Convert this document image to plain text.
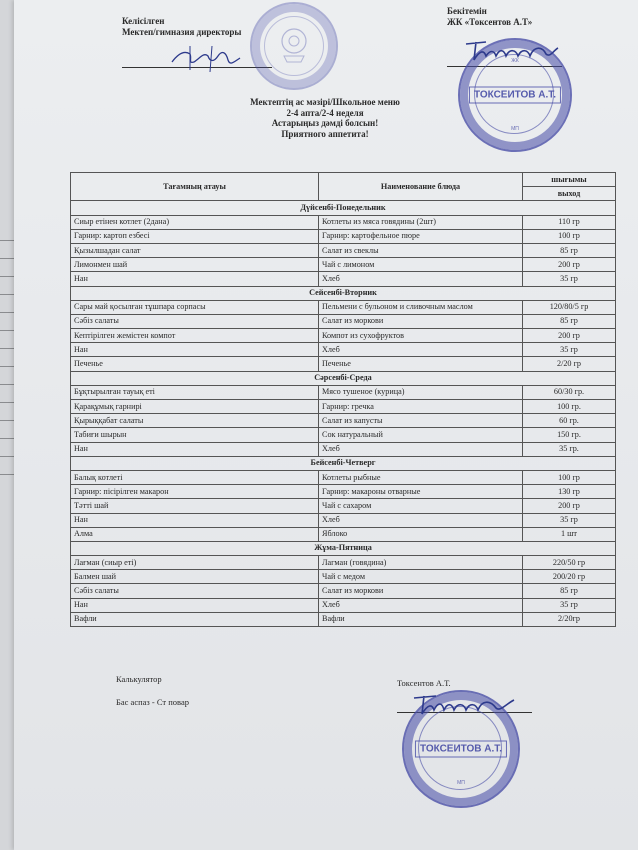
Келісілген
Мектеп/гимназия директоры
Бекітемін
ЖК «Токсентов А.Т»
ТОКСЕИТОВ А.Т.
ЖК
МП
Мектептің ас мәзірі/Школьное меню
2-4 апта/2-4 неделя
Астарыңыз дәмді болсын!
Приятного аппетита!
Тағамның атауы	Наименование блюда	шығымы
		выход
Дүйсенбі-Понедельник		
Сиыр етінен котлет (2дана)	Котлеты из мяса говядины (2шт)	110 гр
Гарнир: картоп езбесі	Гарнир: картофельное пюре	100 гр
Қызылшадан салат	Салат из свеклы	85 гр
Лимонмен шай	Чай с лимоном	200 гр
Нан	Хлеб	35 гр
Сейсенбі-Вторник		
Сары май қосылған тұшпара сорпасы	Пельмени с бульоном и сливочным маслом	120/80/5 гр
Сәбіз салаты	Салат из моркови	85 гр
Кептірілген жемістен компот	Компот из сухофруктов	200 гр
Нан	Хлеб	35 гр
Печенье	Печенье	2/20 гр
Сәрсенбі-Среда		
Бұқтырылған тауық еті	Мясо тушеное (курица)	60/30 гр.
Қарақұмық гарнирі	Гарнир: гречка	100 гр.
Қырыққабат салаты	Салат из капусты	60 гр.
Табиғи шырын	Сок натуральный	150 гр.
Нан	Хлеб	35 гр.
Бейсенбі-Четверг		
Балық котлеті	Котлеты рыбные	100 гр
Гарнир: пісірілген макарон	Гарнир: макароны отварные	130 гр
Тәтті шай	Чай с сахаром	200 гр
Нан	Хлеб	35 гр
Алма	Яблоко	1 шт
Жұма-Пятница		
Лағман (сиыр еті)	Лагман (говядина)	220/50 гр
Балмен шай	Чай с медом	200/20 гр
Сәбіз салаты	Салат из моркови	85 гр
Нан	Хлеб	35 гр
Вафли	Вафли	2/20гр
Калькулятор
Бас аспаз - Ст повар
Токсентов А.Т.
ТОКСЕИТОВ А.Т.
МП
